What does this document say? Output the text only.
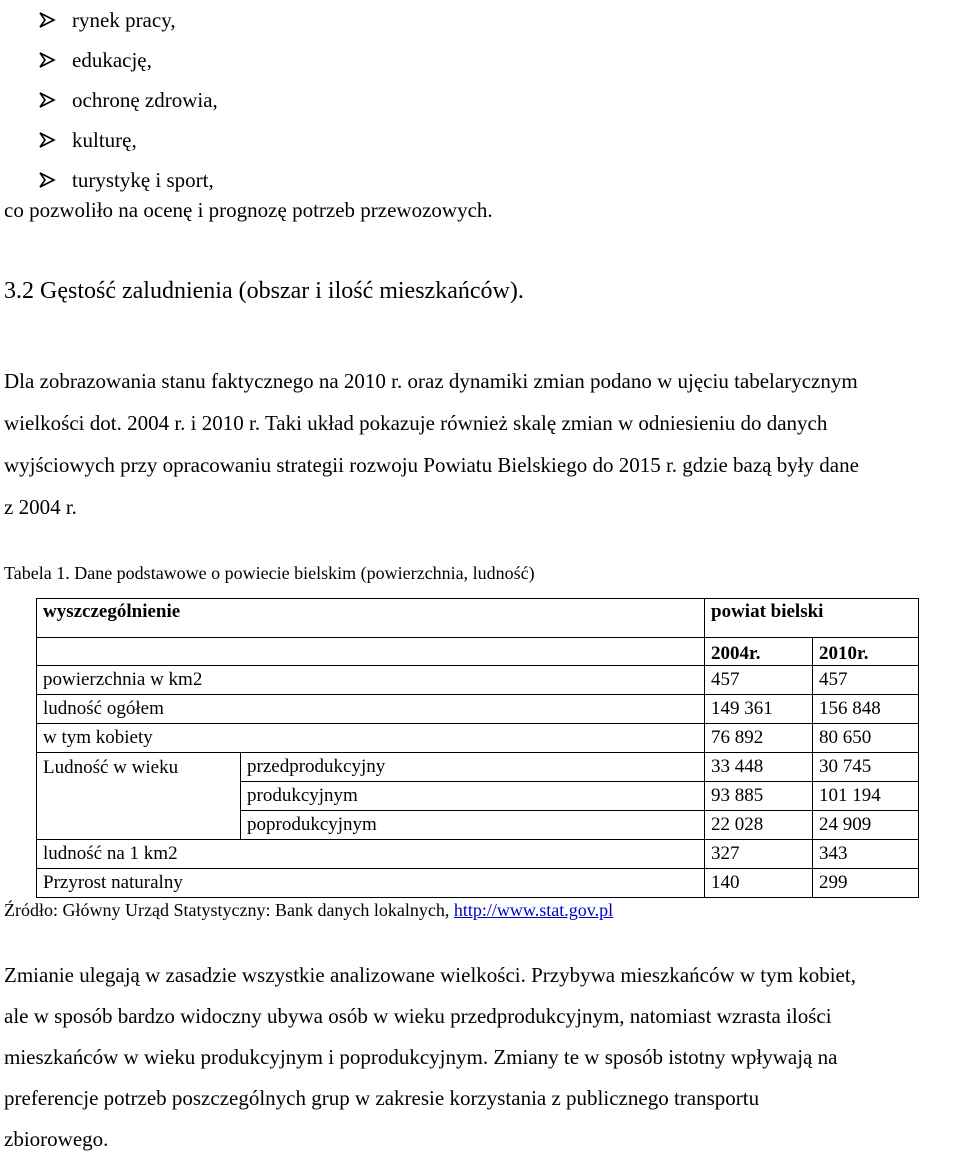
rynek pracy,
edukację,
ochronę zdrowia,
kulturę,
turystykę i sport,
co pozwoliło na ocenę i prognozę potrzeb przewozowych.
3.2 Gęstość zaludnienia (obszar i ilość mieszkańców).
Dla zobrazowania stanu faktycznego na 2010 r. oraz dynamiki zmian podano w ujęciu tabelarycznym
wielkości dot. 2004 r. i 2010 r. Taki układ pokazuje również skalę zmian w odniesieniu do danych
wyjściowych przy opracowaniu strategii rozwoju Powiatu Bielskiego do 2015 r. gdzie bazą były dane
z 2004 r.
Tabela 1. Dane podstawowe o powiecie bielskim (powierzchnia, ludność)
wyszczególnienie		powiat bielski	
		2004r.	2010r.
powierzchnia w km2		457	457
ludność ogółem		149 361	156 848
w tym kobiety		76 892	80 650
Ludność w wieku	przedprodukcyjny	33 448	30 745
	produkcyjnym	93 885	101 194
	poprodukcyjnym	22 028	24 909
ludność na 1 km2		327	343
Przyrost naturalny		140	299
Źródło: Główny Urząd Statystyczny: Bank danych lokalnych, http://www.stat.gov.pl
Zmianie ulegają w zasadzie wszystkie analizowane wielkości. Przybywa mieszkańców w tym kobiet,
ale w sposób bardzo widoczny ubywa osób w wieku przedprodukcyjnym, natomiast wzrasta ilości
mieszkańców w wieku produkcyjnym i poprodukcyjnym. Zmiany te w sposób istotny wpływają na
preferencje potrzeb poszczególnych grup w zakresie korzystania z publicznego transportu
zbiorowego.
